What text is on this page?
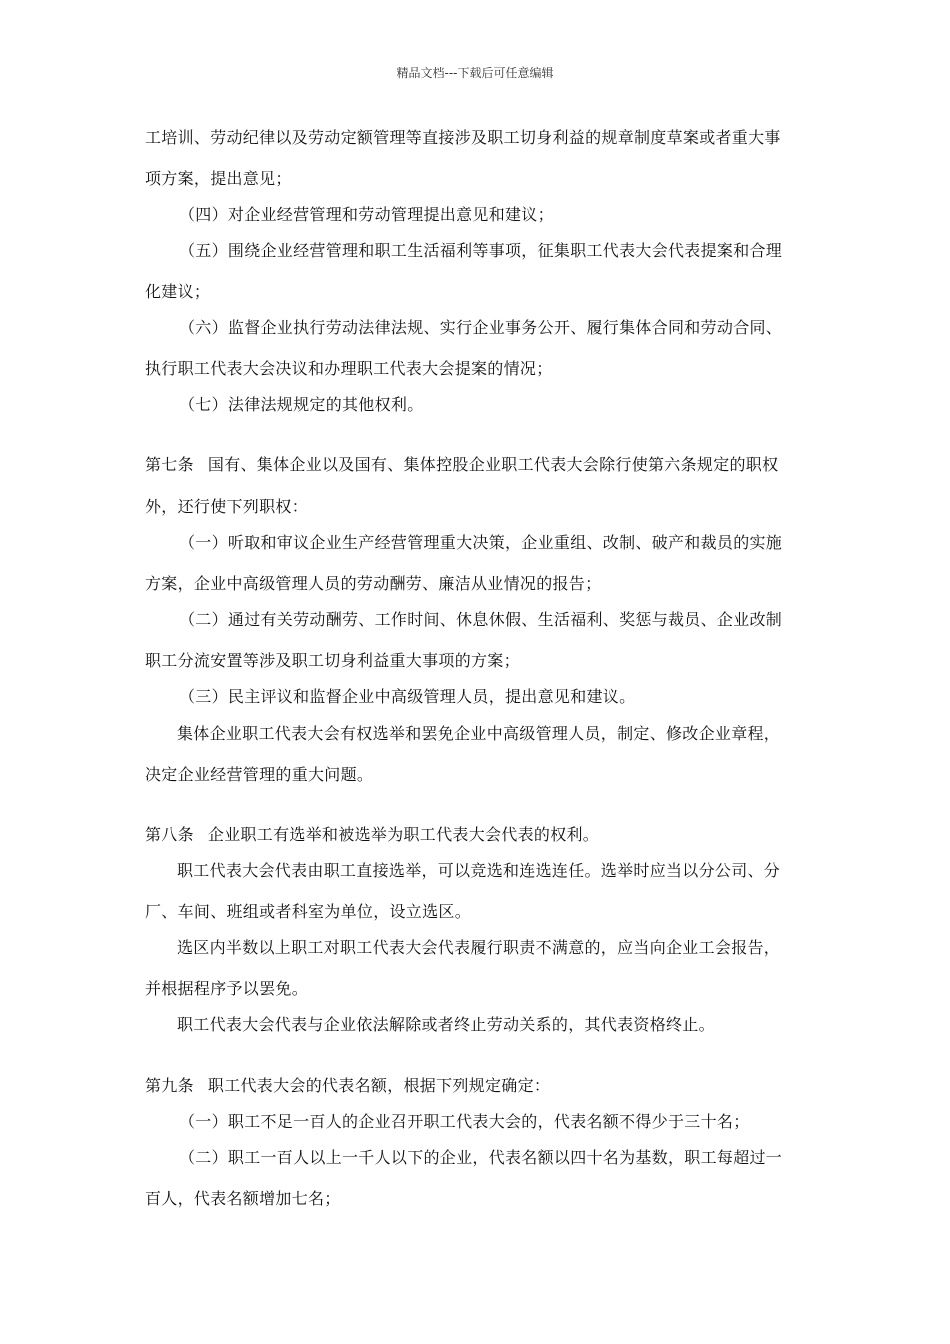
精品文档---下载后可任意编辑
工培训、劳动纪律以及劳动定额管理等直接涉及职工切身利益的规章制度草案或者重大事
项方案，提出意见；
（四）对企业经营管理和劳动管理提出意见和建议；
（五）围绕企业经营管理和职工生活福利等事项，征集职工代表大会代表提案和合理
化建议；
（六）监督企业执行劳动法律法规、实行企业事务公开、履行集体合同和劳动合同、
执行职工代表大会决议和办理职工代表大会提案的情况；
（七）法律法规规定的其他权利。
第七条 国有、集体企业以及国有、集体控股企业职工代表大会除行使第六条规定的职权
外，还行使下列职权：
（一）听取和审议企业生产经营管理重大决策，企业重组、改制、破产和裁员的实施
方案，企业中高级管理人员的劳动酬劳、廉洁从业情况的报告；
（二）通过有关劳动酬劳、工作时间、休息休假、生活福利、奖惩与裁员、企业改制
职工分流安置等涉及职工切身利益重大事项的方案；
（三）民主评议和监督企业中高级管理人员，提出意见和建议。
集体企业职工代表大会有权选举和罢免企业中高级管理人员，制定、修改企业章程，
决定企业经营管理的重大问题。
第八条 企业职工有选举和被选举为职工代表大会代表的权利。
职工代表大会代表由职工直接选举，可以竞选和连选连任。选举时应当以分公司、分
厂、车间、班组或者科室为单位，设立选区。
选区内半数以上职工对职工代表大会代表履行职责不满意的，应当向企业工会报告，
并根据程序予以罢免。
职工代表大会代表与企业依法解除或者终止劳动关系的，其代表资格终止。
第九条 职工代表大会的代表名额，根据下列规定确定：
（一）职工不足一百人的企业召开职工代表大会的，代表名额不得少于三十名；
（二）职工一百人以上一千人以下的企业，代表名额以四十名为基数，职工每超过一
百人，代表名额增加七名；
